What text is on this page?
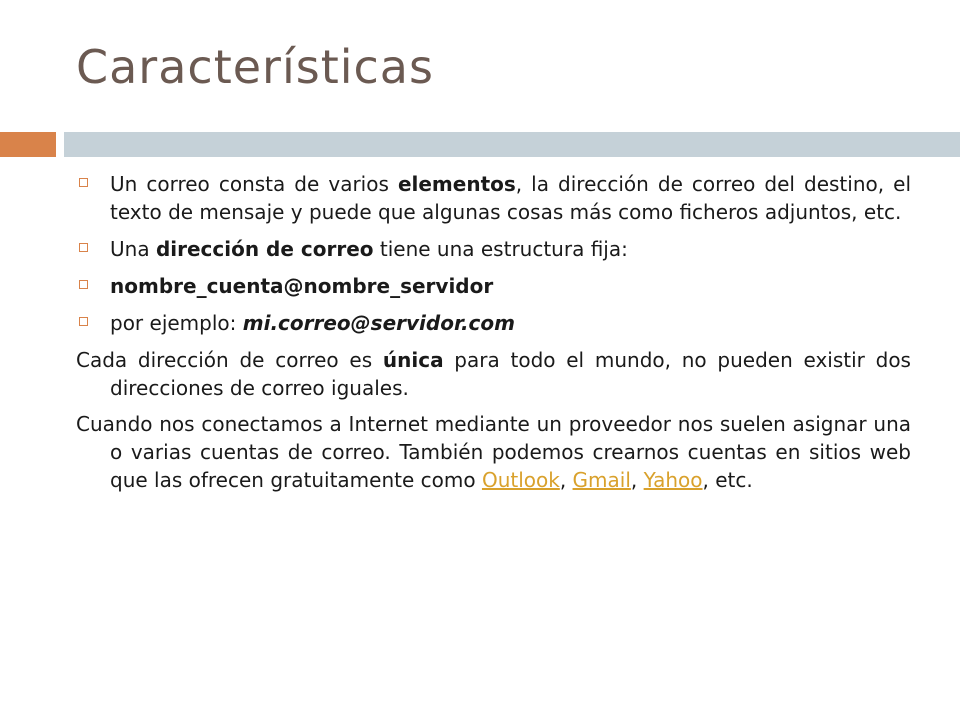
Características

Un correo consta de varios elementos, la dirección de correo del destino, el texto de mensaje y puede que algunas cosas más como ficheros adjuntos, etc.

Una dirección de correo tiene una estructura fija:

nombre_cuenta@nombre_servidor

por ejemplo: mi.correo@servidor.com

Cada dirección de correo es única para todo el mundo, no pueden existir dos direcciones de correo iguales.

Cuando nos conectamos a Internet mediante un proveedor nos suelen asignar una o varias cuentas de correo. También podemos crearnos cuentas en sitios web que las ofrecen gratuitamente como Outlook, Gmail, Yahoo, etc.
